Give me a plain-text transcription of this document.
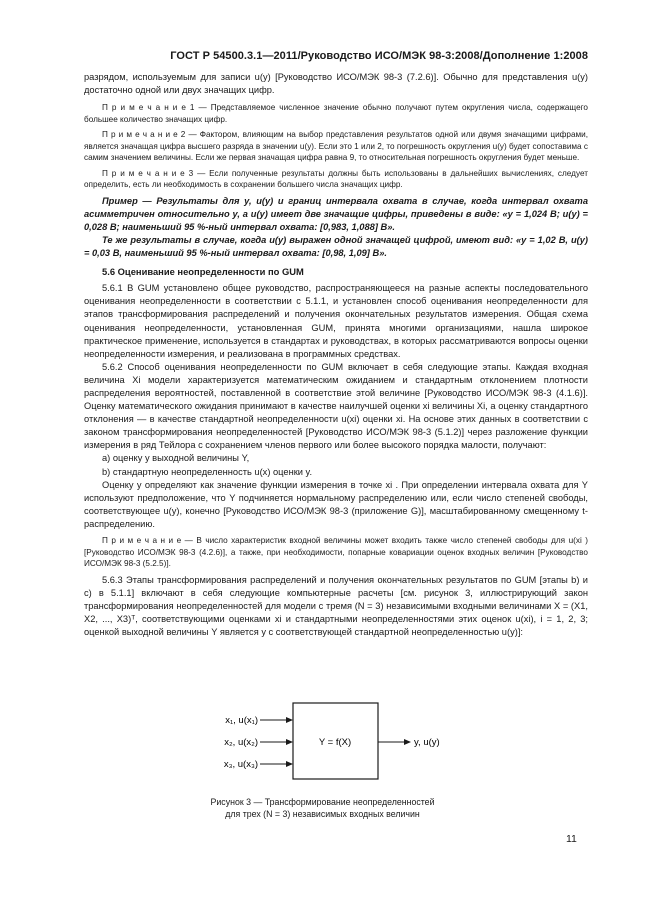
ГОСТ Р 54500.3.1—2011/Руководство ИСО/МЭК 98-3:2008/Дополнение 1:2008

разрядом, используемым для записи u(y) [Руководство ИСО/МЭК 98-3 (7.2.6)]. Обычно для представления u(y) достаточно одной или двух значащих цифр.

П р и м е ч а н и е 1 — Представляемое численное значение обычно получают путем округления числа, содержащего большее количество значащих цифр.

П р и м е ч а н и е 2 — Фактором, влияющим на выбор представления результатов одной или двумя значащими цифрами, является значащая цифра высшего разряда в значении u(y). Если это 1 или 2, то погрешность округления u(y) будет сопоставима с самим значением величины. Если же первая значащая цифра равна 9, то относительная погрешность округления будет меньше.

П р и м е ч а н и е 3 — Если полученные результаты должны быть использованы в дальнейших вычислениях, следует определить, есть ли необходимость в сохранении большего числа значащих цифр.

Пример — Результаты для y, u(y) и границ интервала охвата в случае, когда интервал охвата асимметричен относительно y, а u(y) имеет две значащие цифры, приведены в виде: «y = 1,024 B; u(y) = 0,028 B; наименьший 95 %-ный интервал охвата: [0,983, 1,088] B».

Те же результаты в случае, когда u(y) выражен одной значащей цифрой, имеют вид: «y = 1,02 B, u(y) = 0,03 B, наименьший 95 %-ный интервал охвата: [0,98, 1,09] B».

5.6 Оценивание неопределенности по GUM

5.6.1 В GUM установлено общее руководство, распространяющееся на разные аспекты последовательного оценивания неопределенности в соответствии с 5.1.1, и установлен способ оценивания неопределенности для этапов трансформирования распределений и получения окончательных результатов измерения. Общая схема оценивания неопределенности, установленная GUM, принята многими организациями, нашла широкое практическое применение, используется в стандартах и руководствах, в которых рассматриваются вопросы оценки неопределенности измерения, и реализована в программных средствах.

5.6.2 Способ оценивания неопределенности по GUM включает в себя следующие этапы. Каждая входная величина Xi модели характеризуется математическим ожиданием и стандартным отклонением плотности распределения вероятностей, поставленной в соответствие этой величине [Руководство ИСО/МЭК 98-3 (4.1.6)]. Оценку математического ожидания принимают в качестве наилучшей оценки xi величины Xi, а оценку стандартного отклонения — в качестве стандартной неопределенности u(xi) оценки xi. На основе этих данных в соответствии с законом трансформирования неопределенностей [Руководство ИСО/МЭК 98-3 (5.1.2)] через разложение функции измерения в ряд Тейлора с сохранением членов первого или более высокого порядка малости, получают:

a) оценку y выходной величины Y,

b) стандартную неопределенность u(x) оценки y.

Оценку y определяют как значение функции измерения в точке xi . При определении интервала охвата для Y используют предположение, что Y подчиняется нормальному распределению или, если число степеней свободы, соответствующее u(y), конечно [Руководство ИСО/МЭК 98-3 (приложение G)], масштабированному смещенному t-распределению.

П р и м е ч а н и е — В число характеристик входной величины может входить также число степеней свободы для u(xi ) [Руководство ИСО/МЭК 98-3 (4.2.6)], а также, при необходимости, попарные ковариации оценок входных величин [Руководство ИСО/МЭК 98-3 (5.2.5)].

5.6.3 Этапы трансформирования распределений и получения окончательных результатов по GUM [этапы b) и c) в 5.1.1] включают в себя следующие компьютерные расчеты [см. рисунок 3, иллюстрирующий закон трансформирования неопределенностей для модели с тремя (N = 3) независимыми входными величинами X = (X1, X2, ..., X3)ᵀ, соответствующими оценками xi и стандартными неопределенностями этих оценок u(xi), i = 1, 2, 3; оценкой выходной величины Y является y с соответствующей стандартной неопределенностью u(y)]:

x₁, u(x₁)
x₂, u(x₂)
x₃, u(x₃)
Y = f(X)	y, u(y)
Рисунок 3 — Трансформирование неопределенностей
для трех (N = 3) независимых входных величин
11
